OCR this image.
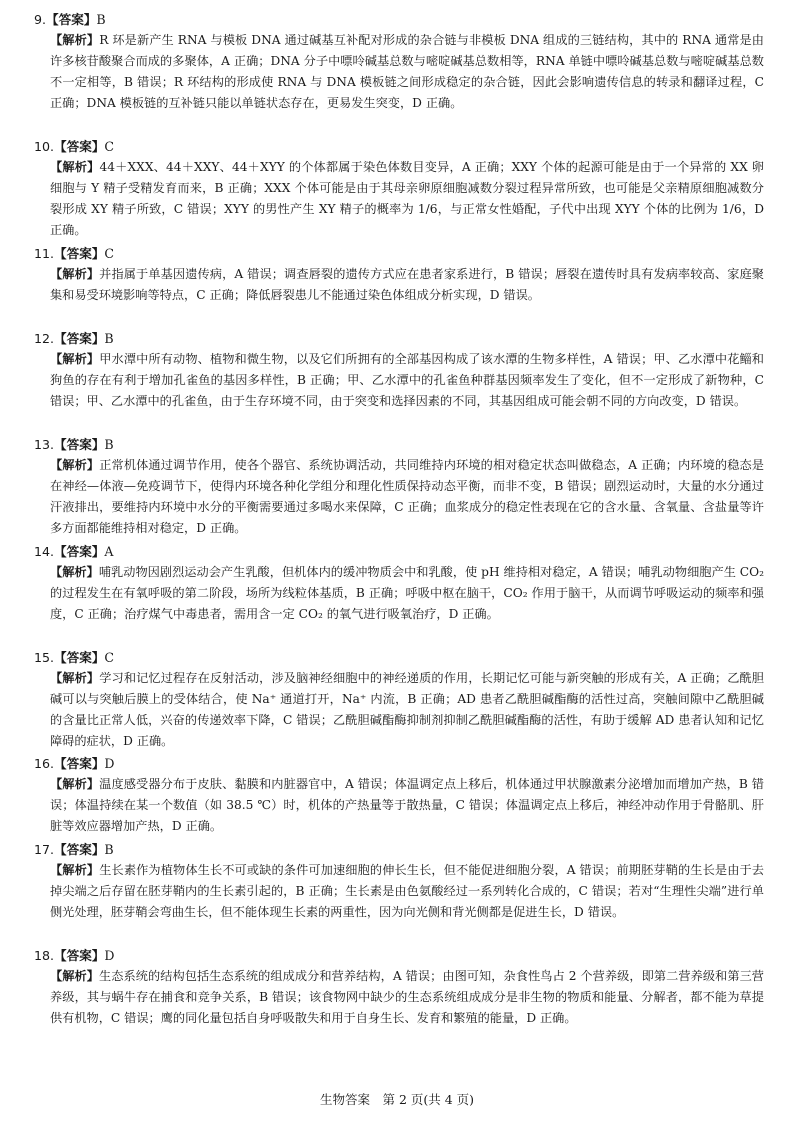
9.【答案】B
【解析】R 环是新产生 RNA 与模板 DNA 通过碱基互补配对形成的杂合链与非模板 DNA 组成的三链结构，其中的 RNA 通常是由许多核苷酸聚合而成的多聚体，A 正确；DNA 分子中嘌呤碱基总数与嘧啶碱基总数相等，RNA 单链中嘌呤碱基总数与嘧啶碱基总数不一定相等，B 错误；R 环结构的形成使 RNA 与 DNA 模板链之间形成稳定的杂合链，因此会影响遗传信息的转录和翻译过程，C 正确；DNA 模板链的互补链只能以单链状态存在，更易发生突变，D 正确。
10.【答案】C
【解析】44＋XXX、44＋XXY、44＋XYY 的个体都属于染色体数目变异，A 正确；XXY 个体的起源可能是由于一个异常的 XX 卵细胞与 Y 精子受精发育而来，B 正确；XXX 个体可能是由于其母亲卵原细胞减数分裂过程异常所致，也可能是父亲精原细胞减数分裂形成 XY 精子所致，C 错误；XYY 的男性产生 XY 精子的概率为 1/6，与正常女性婚配，子代中出现 XYY 个体的比例为 1/6，D 正确。
11.【答案】C
【解析】并指属于单基因遗传病，A 错误；调查唇裂的遗传方式应在患者家系进行，B 错误；唇裂在遗传时具有发病率较高、家庭聚集和易受环境影响等特点，C 正确；降低唇裂患儿不能通过染色体组成分析实现，D 错误。
12.【答案】B
【解析】甲水潭中所有动物、植物和微生物，以及它们所拥有的全部基因构成了该水潭的生物多样性，A 错误；甲、乙水潭中花鲻和狗鱼的存在有利于增加孔雀鱼的基因多样性，B 正确；甲、乙水潭中的孔雀鱼种群基因频率发生了变化，但不一定形成了新物种，C 错误；甲、乙水潭中的孔雀鱼，由于生存环境不同，由于突变和选择因素的不同，其基因组成可能会朝不同的方向改变，D 错误。
13.【答案】B
【解析】正常机体通过调节作用，使各个器官、系统协调活动，共同维持内环境的相对稳定状态叫做稳态，A 正确；内环境的稳态是在神经—体液—免疫调节下，使得内环境各种化学组分和理化性质保持动态平衡，而非不变，B 错误；剧烈运动时，大量的水分通过汗液排出，要维持内环境中水分的平衡需要通过多喝水来保障，C 正确；血浆成分的稳定性表现在它的含水量、含氧量、含盐量等许多方面都能维持相对稳定，D 正确。
14.【答案】A
【解析】哺乳动物因剧烈运动会产生乳酸，但机体内的缓冲物质会中和乳酸，使 pH 维持相对稳定，A 错误；哺乳动物细胞产生 CO₂ 的过程发生在有氧呼吸的第二阶段，场所为线粒体基质，B 正确；呼吸中枢在脑干，CO₂ 作用于脑干，从而调节呼吸运动的频率和强度，C 正确；治疗煤气中毒患者，需用含一定 CO₂ 的氧气进行吸氧治疗，D 正确。
15.【答案】C
【解析】学习和记忆过程存在反射活动，涉及脑神经细胞中的神经递质的作用，长期记忆可能与新突触的形成有关，A 正确；乙酰胆碱可以与突触后膜上的受体结合，使 Na⁺ 通道打开，Na⁺ 内流，B 正确；AD 患者乙酰胆碱酯酶的活性过高，突触间隙中乙酰胆碱的含量比正常人低，兴奋的传递效率下降，C 错误；乙酰胆碱酯酶抑制剂抑制乙酰胆碱酯酶的活性，有助于缓解 AD 患者认知和记忆障碍的症状，D 正确。
16.【答案】D
【解析】温度感受器分布于皮肤、黏膜和内脏器官中，A 错误；体温调定点上移后，机体通过甲状腺激素分泌增加而增加产热，B 错误；体温持续在某一个数值（如 38.5 ℃）时，机体的产热量等于散热量，C 错误；体温调定点上移后，神经冲动作用于骨骼肌、肝脏等效应器增加产热，D 正确。
17.【答案】B
【解析】生长素作为植物体生长不可或缺的条件可加速细胞的伸长生长，但不能促进细胞分裂，A 错误；前期胚芽鞘的生长是由于去掉尖端之后存留在胚芽鞘内的生长素引起的，B 正确；生长素是由色氨酸经过一系列转化合成的，C 错误；若对“生理性尖端”进行单侧光处理，胚芽鞘会弯曲生长，但不能体现生长素的两重性，因为向光侧和背光侧都是促进生长，D 错误。
18.【答案】D
【解析】生态系统的结构包括生态系统的组成成分和营养结构，A 错误；由图可知，杂食性鸟占 2 个营养级，即第二营养级和第三营养级，其与蜗牛存在捕食和竞争关系，B 错误；该食物网中缺少的生态系统组成成分是非生物的物质和能量、分解者，都不能为草提供有机物，C 错误；鹰的同化量包括自身呼吸散失和用于自身生长、发育和繁殖的能量，D 正确。
生物答案　第 2 页(共 4 页)
